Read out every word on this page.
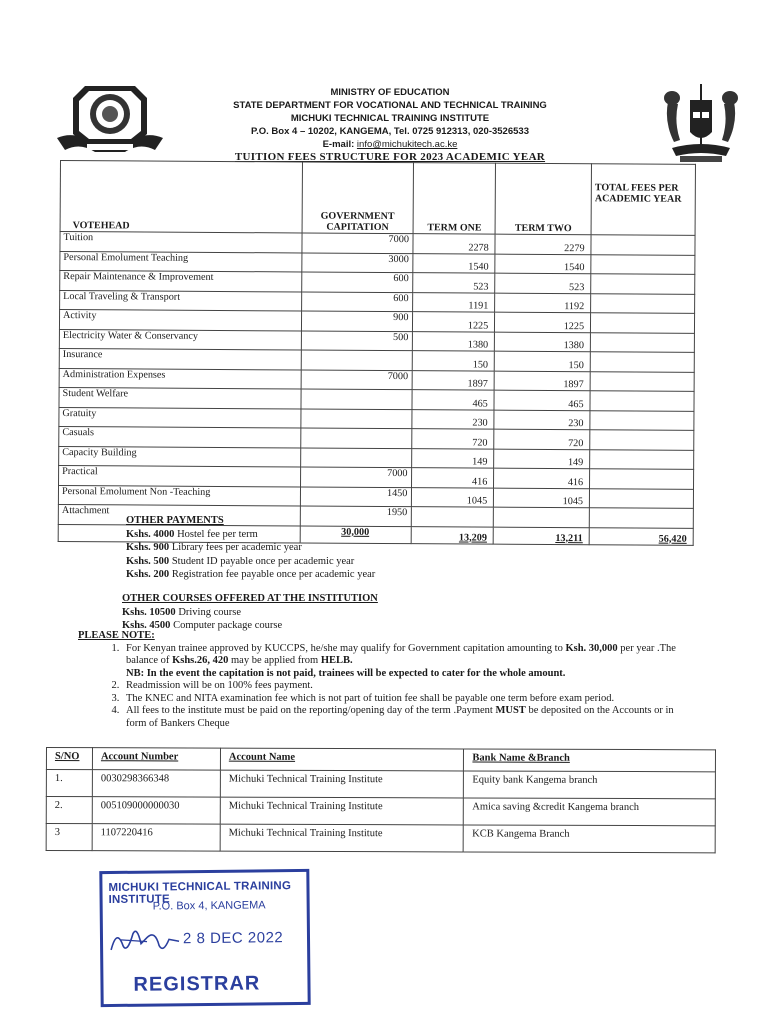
MINISTRY OF EDUCATION
STATE DEPARTMENT FOR VOCATIONAL AND TECHNICAL TRAINING
MICHUKI TECHNICAL TRAINING INSTITUTE
P.O. Box 4 – 10202, KANGEMA, Tel. 0725 912313, 020-3526533
E-mail: info@michukitech.ac.ke
TUITION FEES STRUCTURE FOR 2023 ACADEMIC YEAR
VOTEHEAD	GOVERNMENT CAPITATION	TERM ONE	TERM TWO	TOTAL FEES PER ACADEMIC YEAR
Tuition	7000	2278	2279	
Personal Emolument Teaching	3000	1540	1540	
Repair Maintenance & Improvement	600	523	523	
Local Traveling & Transport	600	1191	1192	
Activity	900	1225	1225	
Electricity Water & Conservancy	500	1380	1380	
Insurance		150	150	
Administration Expenses	7000	1897	1897	
Student Welfare		465	465	
Gratuity		230	230	
Casuals		720	720	
Capacity Building		149	149	
Practical	7000	416	416	
Personal Emolument Non -Teaching	1450	1045	1045	
Attachment	1950			
	30,000	13,209	13,211	56,420
OTHER PAYMENTS
Kshs. 4000 Hostel fee per term
Kshs. 900 Library fees per academic year
Kshs. 500 Student ID payable once per academic year
Kshs. 200 Registration fee payable once per academic year
OTHER COURSES OFFERED AT THE INSTITUTION
Kshs. 10500 Driving course
Kshs. 4500 Computer package course
PLEASE NOTE:
1. For Kenyan trainee approved by KUCCPS, he/she may qualify for Government capitation amounting to Ksh. 30,000 per year .The balance of Kshs.26, 420 may be applied from HELB.
NB: In the event the capitation is not paid, trainees will be expected to cater for the whole amount.
2. Readmission will be on 100% fees payment.
3. The KNEC and NITA examination fee which is not part of tuition fee shall be payable one term before exam period.
4. All fees to the institute must be paid on the reporting/opening day of the term .Payment MUST be deposited on the Accounts or in form of Bankers Cheque
S/NO	Account Number	Account Name	Bank Name &Branch
1.	0030298366348	Michuki Technical Training Institute	Equity bank Kangema branch
2.	005109000000030	Michuki Technical Training Institute	Amica saving &credit Kangema branch
3	1107220416	Michuki Technical Training Institute	KCB Kangema Branch
MICHUKI TECHNICAL TRAINING INSTITUTE
P.O. Box 4, KANGEMA
2 8 DEC 2022
REGISTRAR
